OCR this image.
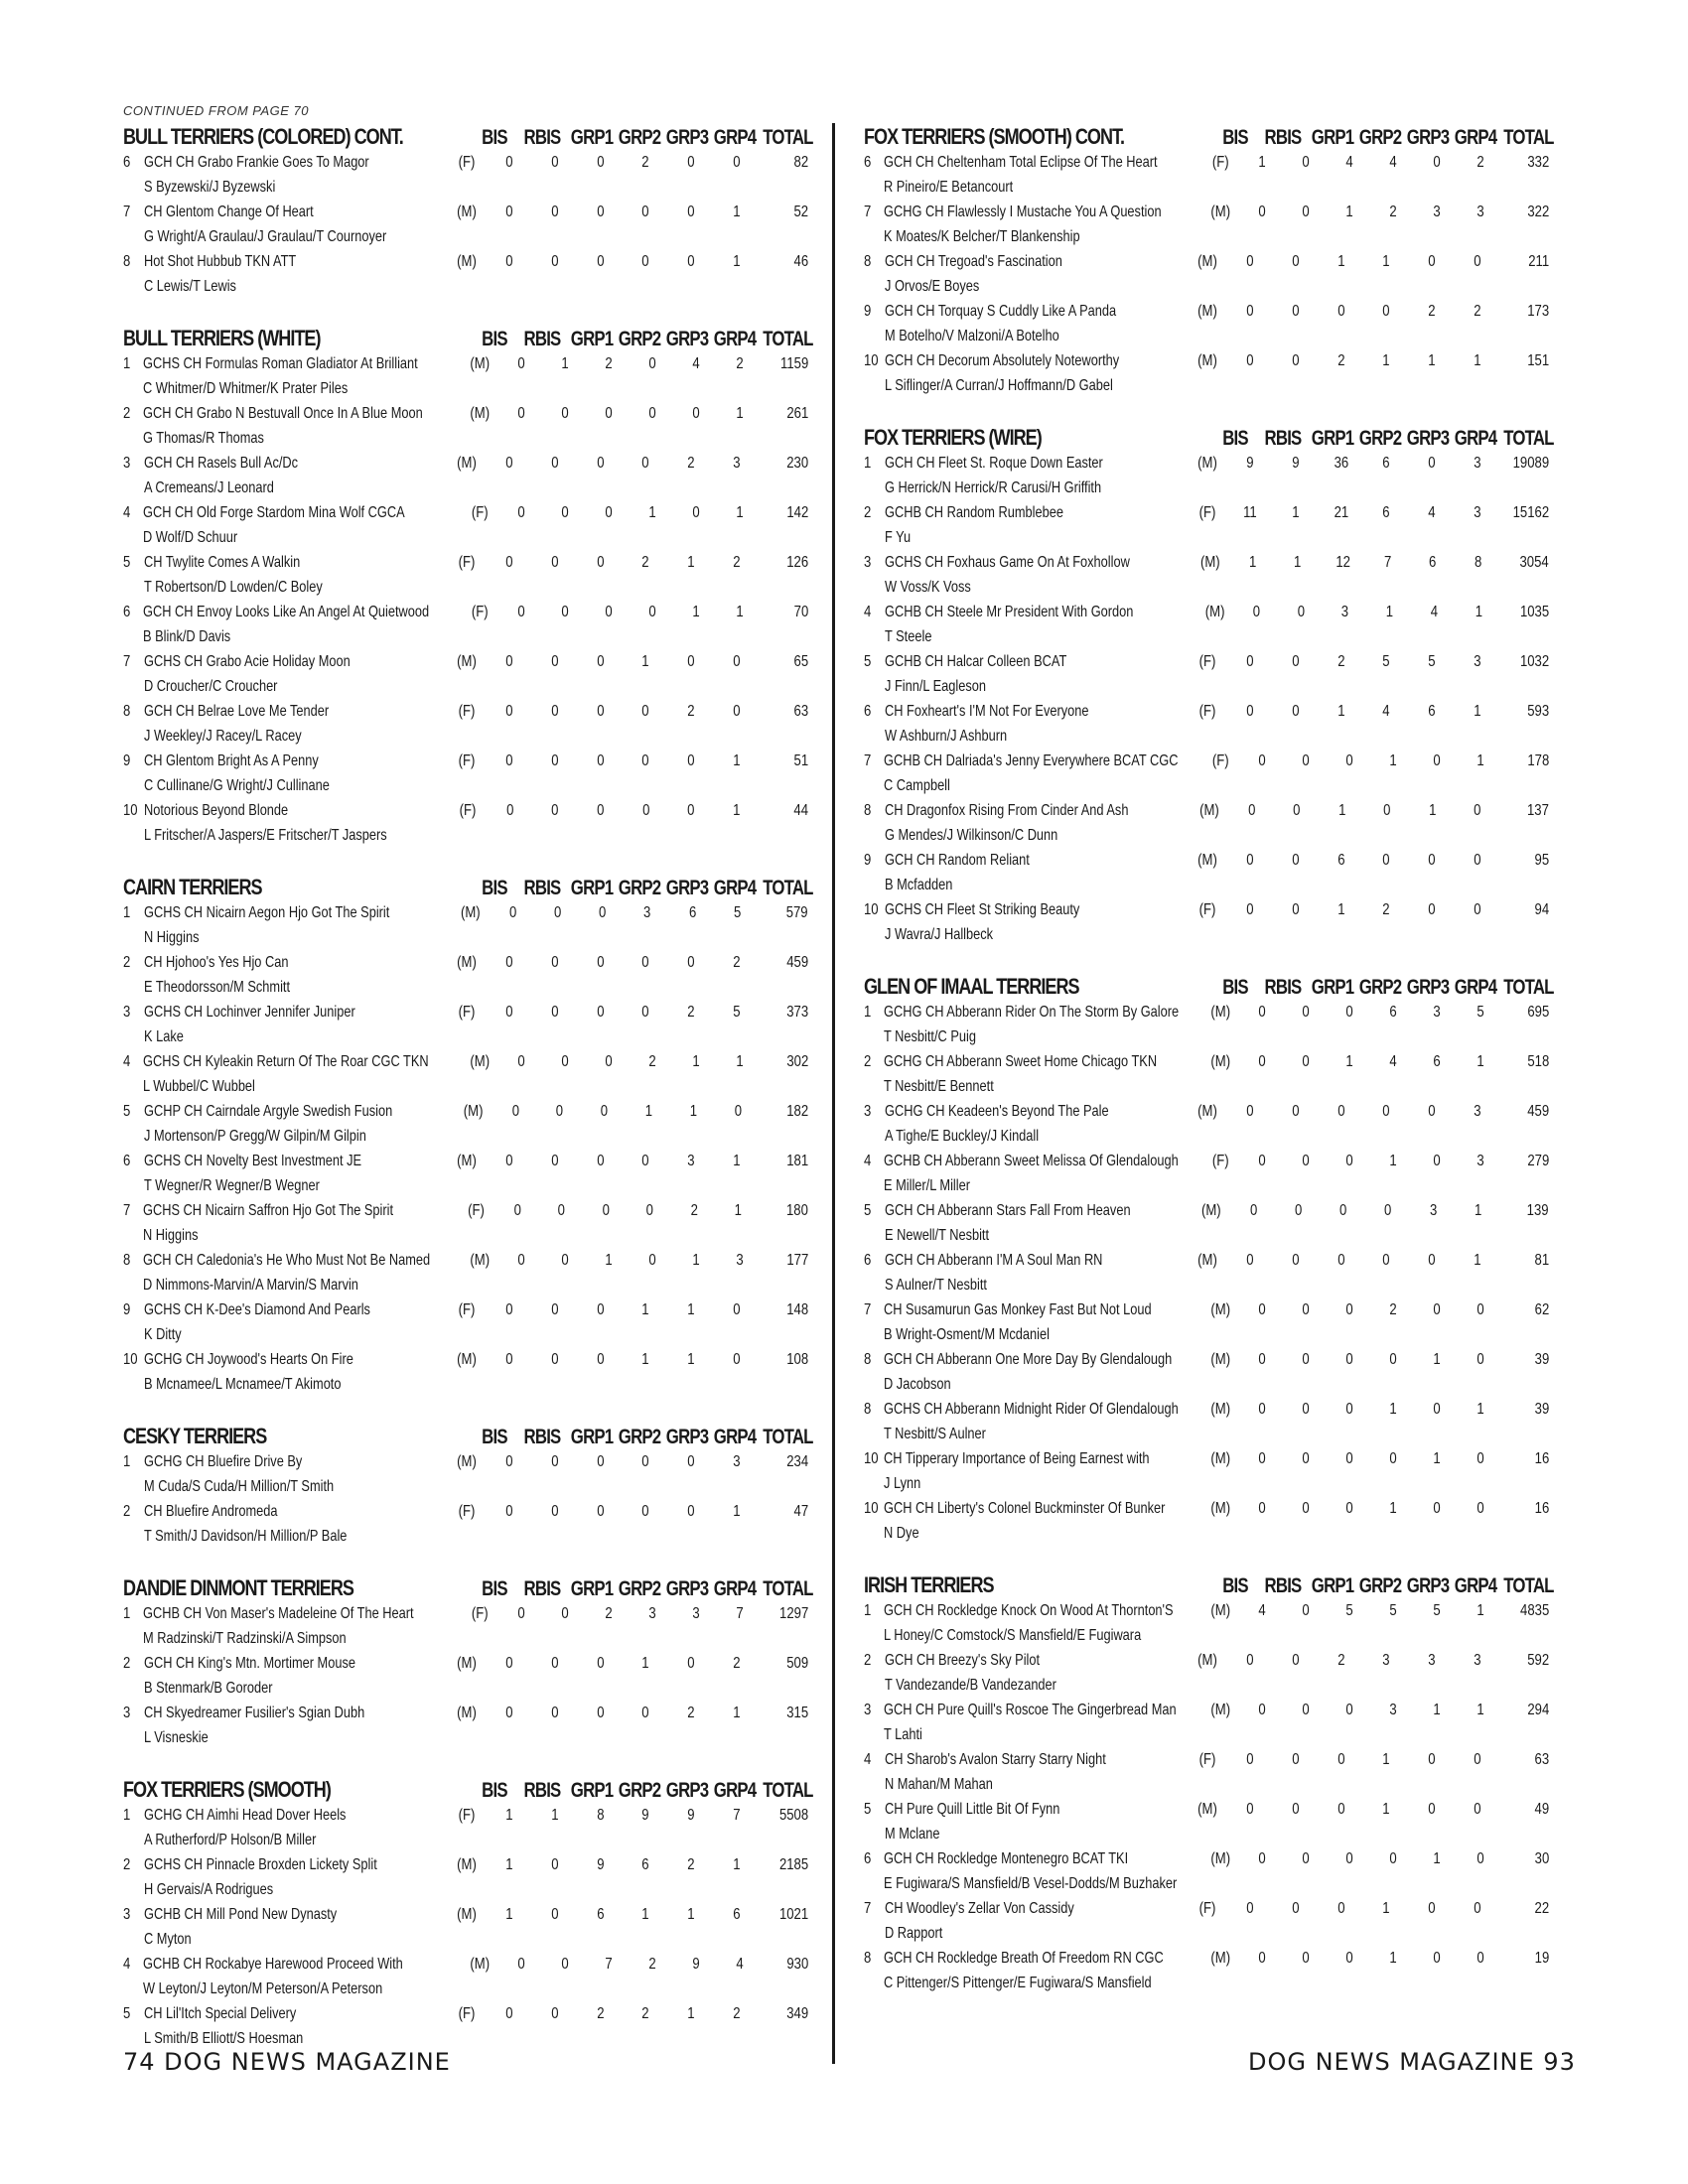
CONTINUED FROM PAGE 70
BULL TERRIERS (COLORED) CONT.	BIS RBIS GRP1 GRP2 GRP3 GRP4 TOTAL
6 GCH CH Grabo Frankie Goes To Magor
S Byzewski/J Byzewski
(F)	0	0	0	2	0	0	82
7 CH Glentom Change Of Heart
G Wright/A Graulau/J Graulau/T Cournoyer
(M)	0	0	0	0	0	1	52
8 Hot Shot Hubbub TKN ATT
C Lewis/T Lewis
(M)	0	0	0	0	0	1	46
BULL TERRIERS (WHITE)	BIS RBIS GRP1 GRP2 GRP3 GRP4 TOTAL
1 GCHS CH Formulas Roman Gladiator At Brilliant
C Whitmer/D Whitmer/K Prater Piles
(M)	0	1	2	0	4	2	1159
2 GCH CH Grabo N Bestuvall Once In A Blue Moon
G Thomas/R Thomas
(M)	0	0	0	0	0	1	261
3 GCH CH Rasels Bull Ac/Dc
A Cremeans/J Leonard
(M)	0	0	0	0	2	3	230
4 GCH CH Old Forge Stardom Mina Wolf CGCA
D Wolf/D Schuur
(F)	0	0	0	1	0	1	142
5 CH Twylite Comes A Walkin
T Robertson/D Lowden/C Boley
(F)	0	0	0	2	1	2	126
6 GCH CH Envoy Looks Like An Angel At Quietwood
B Blink/D Davis
(F)	0	0	0	0	1	1	70
7 GCHS CH Grabo Acie Holiday Moon
D Croucher/C Croucher
(M)	0	0	0	1	0	0	65
8 GCH CH Belrae Love Me Tender
J Weekley/J Racey/L Racey
(F)	0	0	0	0	2	0	63
9 CH Glentom Bright As A Penny
C Cullinane/G Wright/J Cullinane
(F)	0	0	0	0	0	1	51
10 Notorious Beyond Blonde
L Fritscher/A Jaspers/E Fritscher/T Jaspers
(F)	0	0	0	0	0	1	44
CAIRN TERRIERS	BIS RBIS GRP1 GRP2 GRP3 GRP4 TOTAL
1 GCHS CH Nicairn Aegon Hjo Got The Spirit
N Higgins
(M)	0	0	0	3	6	5	579
2 CH Hjohoo's Yes Hjo Can
E Theodorsson/M Schmitt
(M)	0	0	0	0	0	2	459
3 GCHS CH Lochinver Jennifer Juniper
K Lake
(F)	0	0	0	0	2	5	373
4 GCHS CH Kyleakin Return Of The Roar CGC TKN
L Wubbel/C Wubbel
(M)	0	0	0	2	1	1	302
5 GCHP CH Cairndale Argyle Swedish Fusion
J Mortenson/P Gregg/W Gilpin/M Gilpin
(M)	0	0	0	1	1	0	182
6 GCHS CH Novelty Best Investment JE
T Wegner/R Wegner/B Wegner
(M)	0	0	0	0	3	1	181
7 GCHS CH Nicairn Saffron Hjo Got The Spirit
N Higgins
(F)	0	0	0	0	2	1	180
8 GCH CH Caledonia's He Who Must Not Be Named
D Nimmons-Marvin/A Marvin/S Marvin
(M)	0	0	1	0	1	3	177
9 GCHS CH K-Dee's Diamond And Pearls
K Ditty
(F)	0	0	0	1	1	0	148
10 GCHG CH Joywood's Hearts On Fire
B Mcnamee/L Mcnamee/T Akimoto
(M)	0	0	0	1	1	0	108
CESKY TERRIERS	BIS RBIS GRP1 GRP2 GRP3 GRP4 TOTAL
1 GCHG CH Bluefire Drive By
M Cuda/S Cuda/H Million/T Smith
(M)	0	0	0	0	0	3	234
2 CH Bluefire Andromeda
T Smith/J Davidson/H Million/P Bale
(F)	0	0	0	0	0	1	47
DANDIE DINMONT TERRIERS	BIS RBIS GRP1 GRP2 GRP3 GRP4 TOTAL
1 GCHB CH Von Maser's Madeleine Of The Heart
M Radzinski/T Radzinski/A Simpson
(F)	0	0	2	3	3	7	1297
2 GCH CH King's Mtn. Mortimer Mouse
B Stenmark/B Goroder
(M)	0	0	0	1	0	2	509
3 CH Skyedreamer Fusilier's Sgian Dubh
L Visneskie
(M)	0	0	0	0	2	1	315
FOX TERRIERS (SMOOTH)	BIS RBIS GRP1 GRP2 GRP3 GRP4 TOTAL
1 GCHG CH Aimhi Head Dover Heels
A Rutherford/P Holson/B Miller
(F)	1	1	8	9	9	7	5508
2 GCHS CH Pinnacle Broxden Lickety Split
H Gervais/A Rodrigues
(M)	1	0	9	6	2	1	2185
3 GCHB CH Mill Pond New Dynasty
C Myton
(M)	1	0	6	1	1	6	1021
4 GCHB CH Rockabye Harewood Proceed With
W Leyton/J Leyton/M Peterson/A Peterson
(M)	0	0	7	2	9	4	930
5 CH Lil'Itch Special Delivery
L Smith/B Elliott/S Hoesman
(F)	0	0	2	2	1	2	349
FOX TERRIERS (SMOOTH) CONT.	BIS RBIS GRP1 GRP2 GRP3 GRP4 TOTAL
6 GCH CH Cheltenham Total Eclipse Of The Heart
R Pineiro/E Betancourt
(F)	1	0	4	4	0	2	332
7 GCHG CH Flawlessly I Mustache You A Question
K Moates/K Belcher/T Blankenship
(M)	0	0	1	2	3	3	322
8 GCH CH Tregoad's Fascination
J Orvos/E Boyes
(M)	0	0	1	1	0	0	211
9 GCH CH Torquay S Cuddly Like A Panda
M Botelho/V Malzoni/A Botelho
(M)	0	0	0	0	2	2	173
10 GCH CH Decorum Absolutely Noteworthy
L Siflinger/A Curran/J Hoffmann/D Gabel
(M)	0	0	2	1	1	1	151
FOX TERRIERS (WIRE)	BIS RBIS GRP1 GRP2 GRP3 GRP4 TOTAL
1 GCH CH Fleet St. Roque Down Easter
G Herrick/N Herrick/R Carusi/H Griffith
(M)	9	9	36	6	0	3	19089
2 GCHB CH Random Rumblebee
F Yu
(F)	11	1	21	6	4	3	15162
3 GCHS CH Foxhaus Game On At Foxhollow
W Voss/K Voss
(M)	1	1	12	7	6	8	3054
4 GCHB CH Steele Mr President With Gordon
T Steele
(M)	0	0	3	1	4	1	1035
5 GCHB CH Halcar Colleen BCAT
J Finn/L Eagleson
(F)	0	0	2	5	5	3	1032
6 CH Foxheart's I'M Not For Everyone
W Ashburn/J Ashburn
(F)	0	0	1	4	6	1	593
7 GCHB CH Dalriada's Jenny Everywhere BCAT CGC
C Campbell
(F)	0	0	0	1	0	1	178
8 CH Dragonfox Rising From Cinder And Ash
G Mendes/J Wilkinson/C Dunn
(M)	0	0	1	0	1	0	137
9 GCH CH Random Reliant
B Mcfadden
(M)	0	0	6	0	0	0	95
10 GCHS CH Fleet St Striking Beauty
J Wavra/J Hallbeck
(F)	0	0	1	2	0	0	94
GLEN OF IMAAL TERRIERS	BIS RBIS GRP1 GRP2 GRP3 GRP4 TOTAL
1 GCHG CH Abberann Rider On The Storm By Galore
T Nesbitt/C Puig
(M)	0	0	0	6	3	5	695
2 GCHG CH Abberann Sweet Home Chicago TKN
T Nesbitt/E Bennett
(M)	0	0	1	4	6	1	518
3 GCHG CH Keadeen's Beyond The Pale
A Tighe/E Buckley/J Kindall
(M)	0	0	0	0	0	3	459
4 GCHB CH Abberann Sweet Melissa Of Glendalough
E Miller/L Miller
(F)	0	0	0	1	0	3	279
5 GCH CH Abberann Stars Fall From Heaven
E Newell/T Nesbitt
(M)	0	0	0	0	3	1	139
6 GCH CH Abberann I'M A Soul Man RN
S Aulner/T Nesbitt
(M)	0	0	0	0	0	1	81
7 CH Susamurun Gas Monkey Fast But Not Loud
B Wright-Osment/M Mcdaniel
(M)	0	0	0	2	0	0	62
8 GCH CH Abberann One More Day By Glendalough
D Jacobson
(M)	0	0	0	0	1	0	39
8 GCHS CH Abberann Midnight Rider Of Glendalough
T Nesbitt/S Aulner
(M)	0	0	0	1	0	1	39
10 CH Tipperary Importance of Being Earnest with
J Lynn
(M)	0	0	0	0	1	0	16
10 GCH CH Liberty's Colonel Buckminster Of Bunker
N Dye
(M)	0	0	0	1	0	0	16
IRISH TERRIERS	BIS RBIS GRP1 GRP2 GRP3 GRP4 TOTAL
1 GCH CH Rockledge Knock On Wood At Thornton'S
L Honey/C Comstock/S Mansfield/E Fugiwara
(M)	4	0	5	5	5	1	4835
2 GCH CH Breezy's Sky Pilot
T Vandezande/B Vandezander
(M)	0	0	2	3	3	3	592
3 GCH CH Pure Quill's Roscoe The Gingerbread Man
T Lahti
(M)	0	0	0	3	1	1	294
4 CH Sharob's Avalon Starry Starry Night
N Mahan/M Mahan
(F)	0	0	0	1	0	0	63
5 CH Pure Quill Little Bit Of Fynn
M Mclane
(M)	0	0	0	1	0	0	49
6 GCH CH Rockledge Montenegro BCAT TKI
E Fugiwara/S Mansfield/B Vesel-Dodds/M Buzhaker
(M)	0	0	0	0	1	0	30
7 CH Woodley's Zellar Von Cassidy
D Rapport
(F)	0	0	0	1	0	0	22
8 GCH CH Rockledge Breath Of Freedom RN CGC
C Pittenger/S Pittenger/E Fugiwara/S Mansfield
(M)	0	0	0	1	0	0	19
74 DOG NEWS MAGAZINE	DOG NEWS MAGAZINE 93
